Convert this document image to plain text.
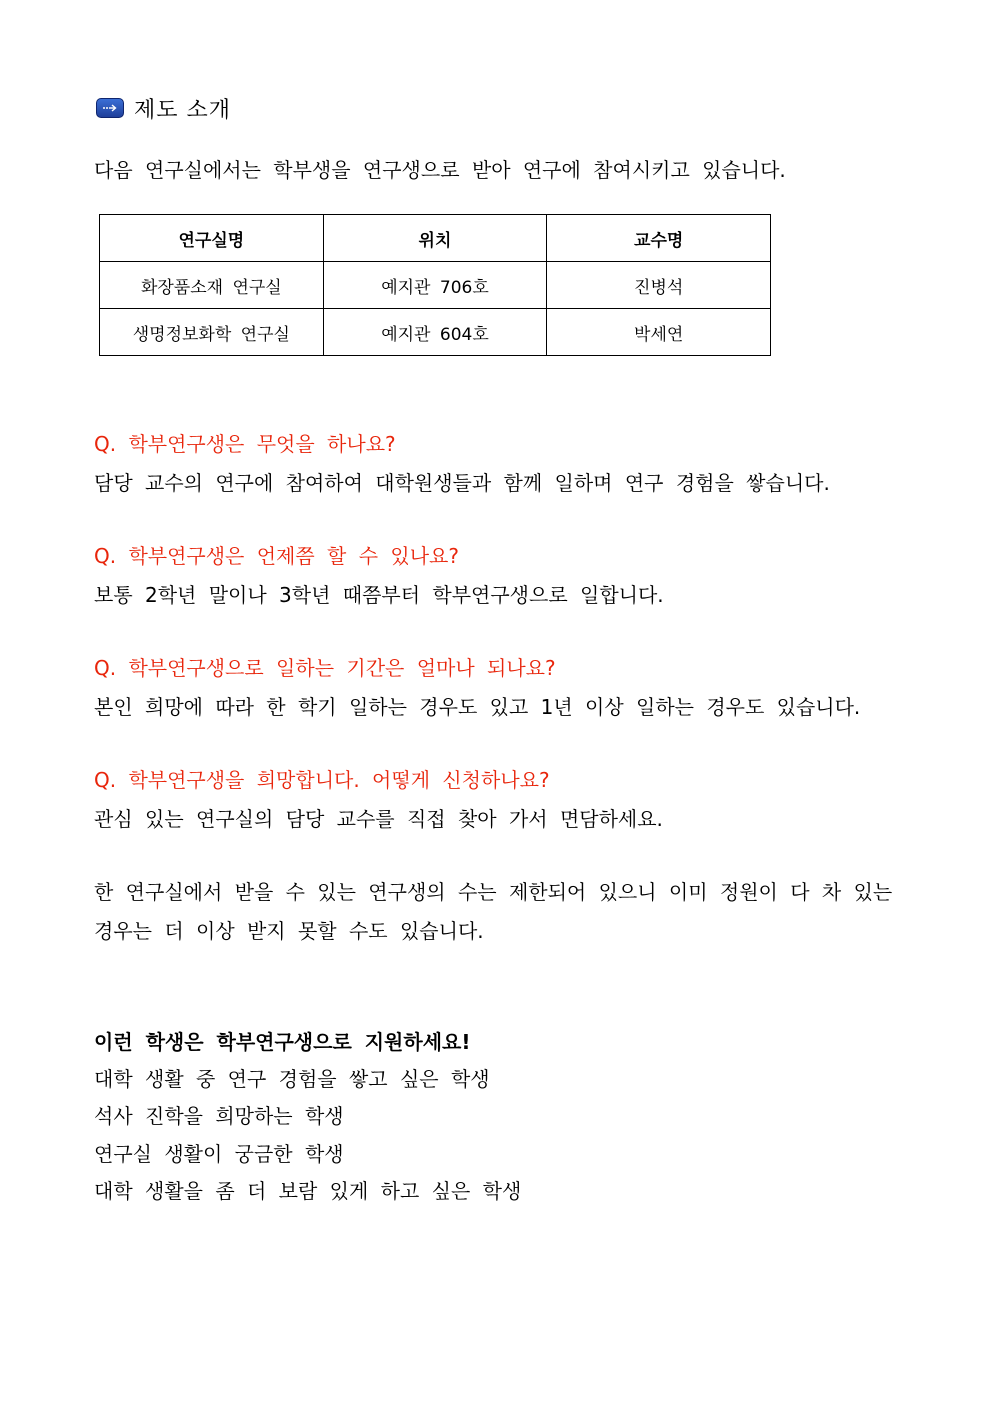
제도 소개
다음 연구실에서는 학부생을 연구생으로 받아 연구에 참여시키고 있습니다.
연구실명	위치	교수명
화장품소재 연구실	예지관 706호	진병석
생명정보화학 연구실	예지관 604호	박세연
Q. 학부연구생은 무엇을 하나요?
담당 교수의 연구에 참여하여 대학원생들과 함께 일하며 연구 경험을 쌓습니다.
Q. 학부연구생은 언제쯤 할 수 있나요?
보통 2학년 말이나 3학년 때쯤부터 학부연구생으로 일합니다.
Q. 학부연구생으로 일하는 기간은 얼마나 되나요?
본인 희망에 따라 한 학기 일하는 경우도 있고 1년 이상 일하는 경우도 있습니다.
Q. 학부연구생을 희망합니다. 어떻게 신청하나요?
관심 있는 연구실의 담당 교수를 직접 찾아 가서 면담하세요.
한 연구실에서 받을 수 있는 연구생의 수는 제한되어 있으니 이미 정원이 다 차 있는
경우는 더 이상 받지 못할 수도 있습니다.
이런 학생은 학부연구생으로 지원하세요!
대학 생활 중 연구 경험을 쌓고 싶은 학생
석사 진학을 희망하는 학생
연구실 생활이 궁금한 학생
대학 생활을 좀 더 보람 있게 하고 싶은 학생
